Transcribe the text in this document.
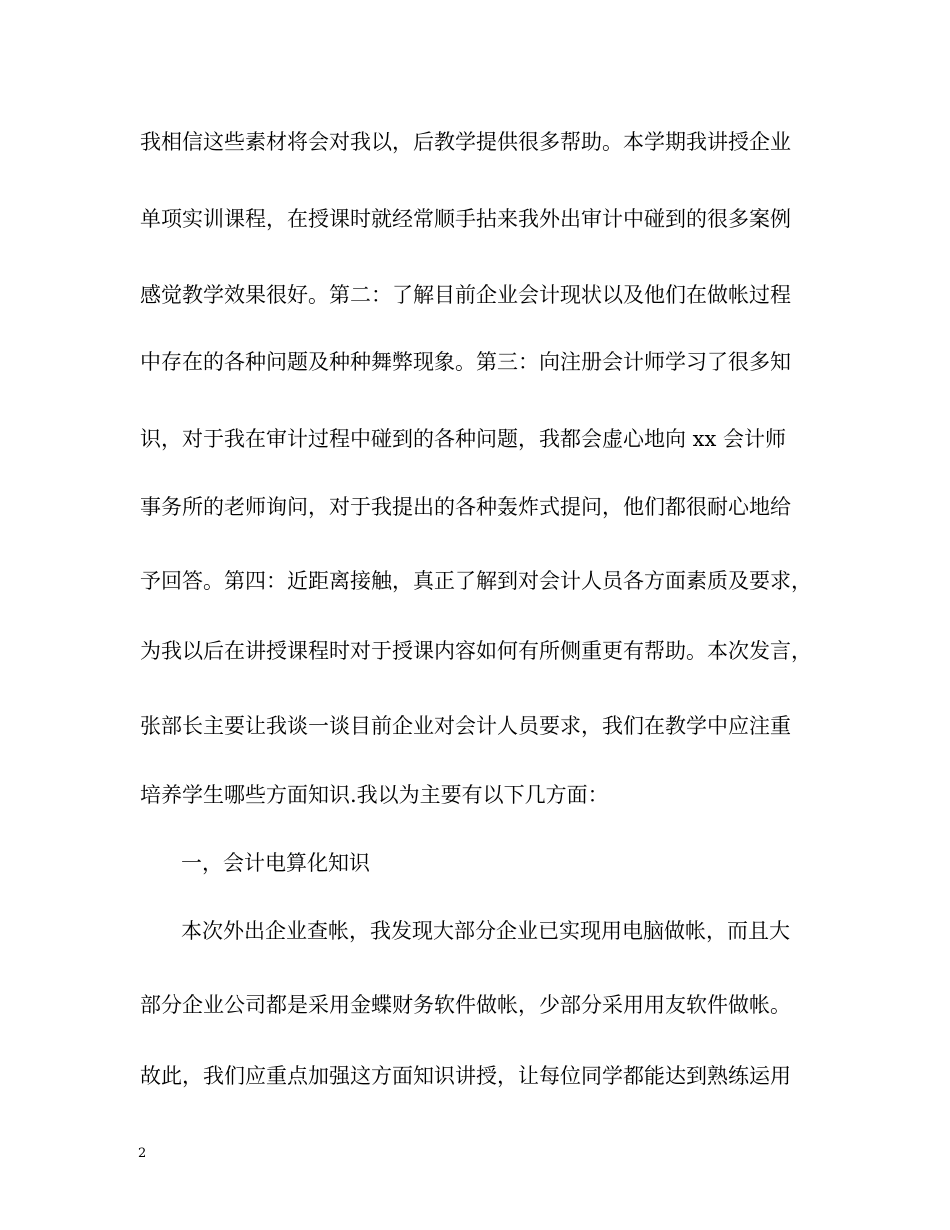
我相信这些素材将会对我以，后教学提供很多帮助。本学期我讲授企业
单项实训课程，在授课时就经常顺手拈来我外出审计中碰到的很多案例
感觉教学效果很好。第二：了解目前企业会计现状以及他们在做帐过程
中存在的各种问题及种种舞弊现象。第三：向注册会计师学习了很多知
识，对于我在审计过程中碰到的各种问题，我都会虚心地向 xx 会计师
事务所的老师询问，对于我提出的各种轰炸式提问，他们都很耐心地给
予回答。第四：近距离接触，真正了解到对会计人员各方面素质及要求，
为我以后在讲授课程时对于授课内容如何有所侧重更有帮助。本次发言，
张部长主要让我谈一谈目前企业对会计人员要求，我们在教学中应注重
培养学生哪些方面知识.我以为主要有以下几方面：
一，会计电算化知识
本次外出企业查帐，我发现大部分企业已实现用电脑做帐，而且大
部分企业公司都是采用金蝶财务软件做帐，少部分采用用友软件做帐。
故此，我们应重点加强这方面知识讲授，让每位同学都能达到熟练运用
2
